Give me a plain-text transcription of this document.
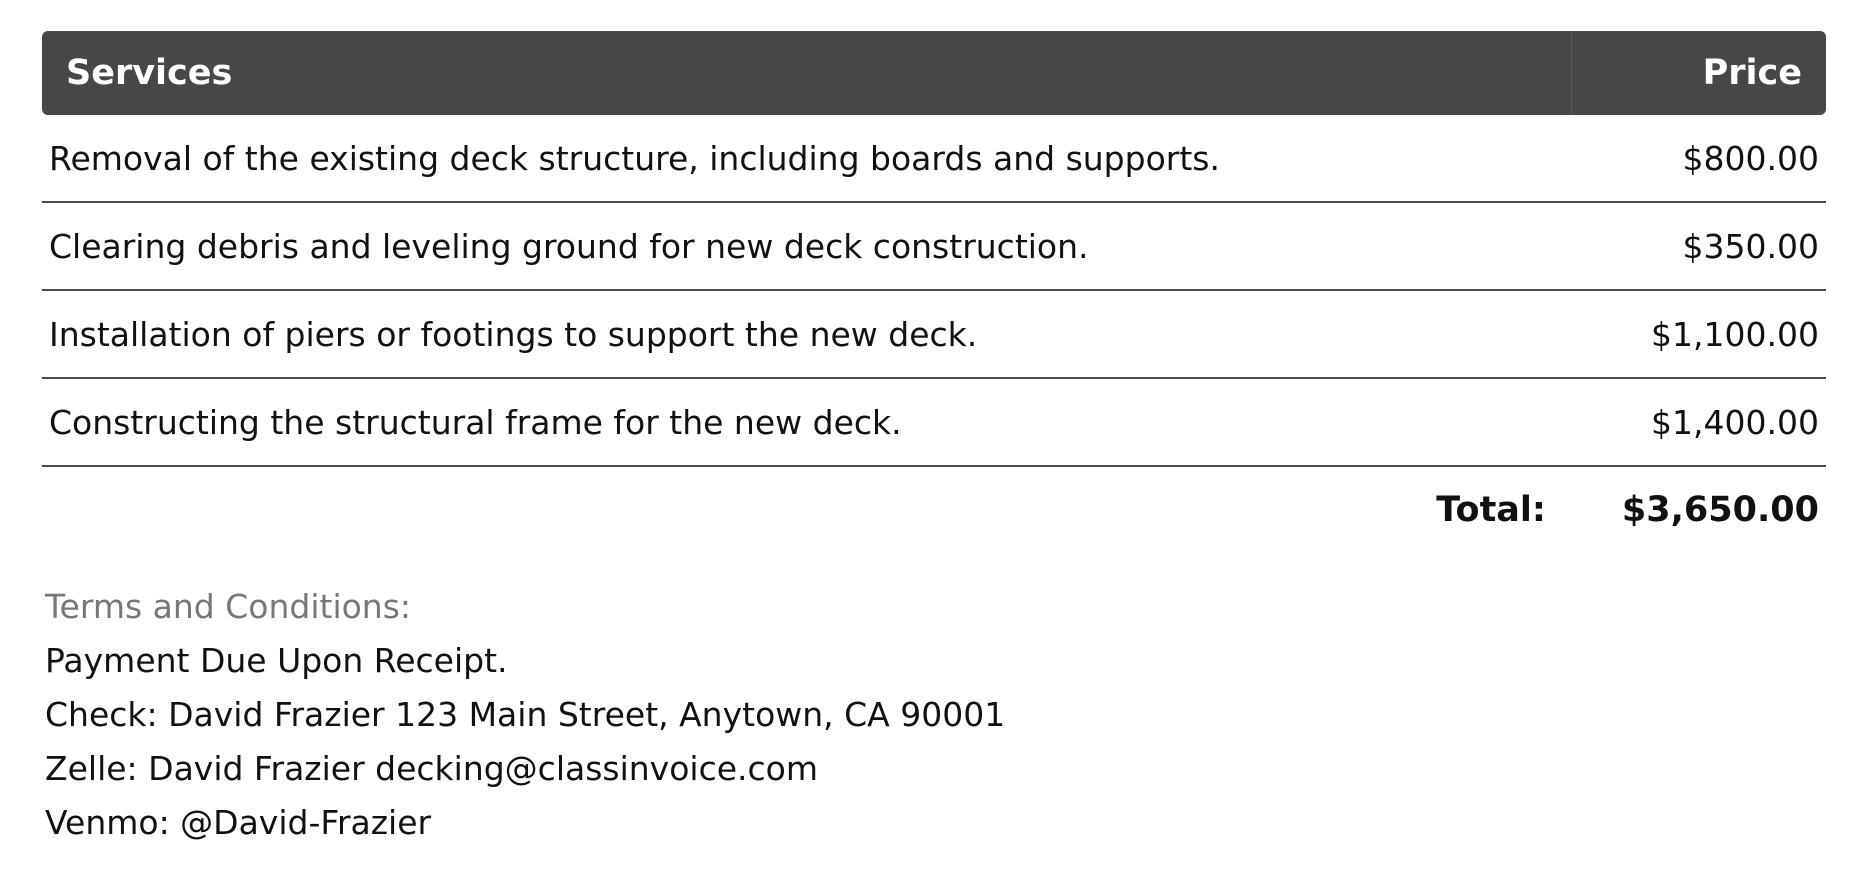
Services	Price
Removal of the existing deck structure, including boards and supports.	$800.00
Clearing debris and leveling ground for new deck construction.	$350.00
Installation of piers or footings to support the new deck.	$1,100.00
Constructing the structural frame for the new deck.	$1,400.00
Total: $3,650.00
Terms and Conditions:
Payment Due Upon Receipt.
Check: David Frazier 123 Main Street, Anytown, CA 90001
Zelle: David Frazier decking@classinvoice.com
Venmo: @David-Frazier
